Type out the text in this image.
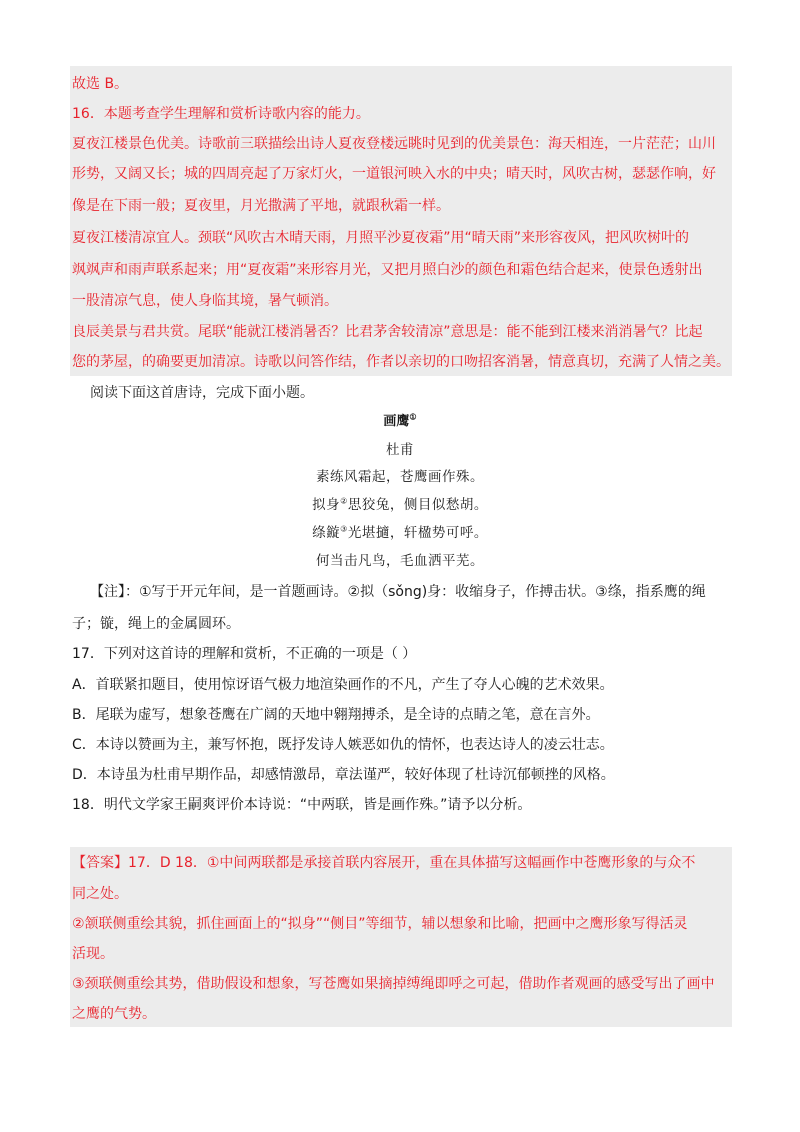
故选 B。
16．本题考查学生理解和赏析诗歌内容的能力。
夏夜江楼景色优美。诗歌前三联描绘出诗人夏夜登楼远眺时见到的优美景色：海天相连，一片茫茫；山川
形势，又阔又长；城的四周亮起了万家灯火，一道银河映入水的中央；晴天时，风吹古树，瑟瑟作响，好
像是在下雨一般；夏夜里，月光撒满了平地，就跟秋霜一样。
夏夜江楼清凉宜人。颈联“风吹古木晴天雨，月照平沙夏夜霜”用“晴天雨”来形容夜风，把风吹树叶的
飒飒声和雨声联系起来；用“夏夜霜”来形容月光，又把月照白沙的颜色和霜色结合起来，使景色透射出
一股清凉气息，使人身临其境，暑气顿消。
良辰美景与君共赏。尾联“能就江楼消暑否？比君茅舍较清凉”意思是：能不能到江楼来消消暑气？比起
您的茅屋，的确要更加清凉。诗歌以问答作结，作者以亲切的口吻招客消暑，情意真切，充满了人情之美。
阅读下面这首唐诗，完成下面小题。
画鹰①
杜甫
素练风霜起，苍鹰画作殊。
拟身②思狡兔，侧目似愁胡。
绦鏇③光堪擿，轩楹势可呼。
何当击凡鸟，毛血洒平芜。
【注】：①写于开元年间，是一首题画诗。②拟（sǒng)身：收缩身子，作搏击状。③绦，指系鹰的绳
子；镟，绳上的金属圆环。
17．下列对这首诗的理解和赏析，不正确的一项是（ ）
A．首联紧扣题目，使用惊讶语气极力地渲染画作的不凡，产生了夺人心魄的艺术效果。
B．尾联为虚写，想象苍鹰在广阔的天地中翱翔搏杀，是全诗的点睛之笔，意在言外。
C．本诗以赞画为主，兼写怀抱，既抒发诗人嫉恶如仇的情怀，也表达诗人的凌云壮志。
D．本诗虽为杜甫早期作品，却感情激昂，章法谨严，较好体现了杜诗沉郁顿挫的风格。
18．明代文学家王嗣爽评价本诗说：“中两联，皆是画作殊。”请予以分析。
【答案】17．D 18．①中间两联都是承接首联内容展开，重在具体描写这幅画作中苍鹰形象的与众不
同之处。
②颔联侧重绘其貌，抓住画面上的“拟身”“侧目”等细节，辅以想象和比喻，把画中之鹰形象写得活灵
活现。
③颈联侧重绘其势，借助假设和想象，写苍鹰如果摘掉缚绳即呼之可起，借助作者观画的感受写出了画中
之鹰的气势。
